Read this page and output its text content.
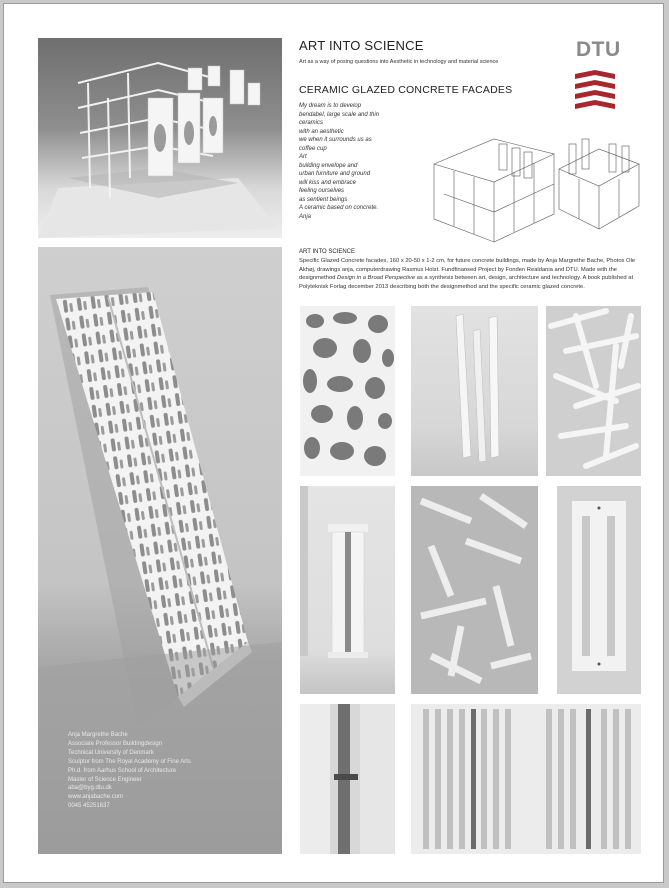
ART INTO SCIENCE
Art as a way of posing questions into Aesthetic in technology and material science
CERAMIC GLAZED CONCRETE FACADES
DTU
My dream is to develop
bendabel, large scale and thin
ceramics
with an aesthetic
we when it surrounds us as
coffee cup
Art
building envelope and
urban furniture and ground
will kiss and embrace
feeling ourselves
as sentient beings
A ceramic based on concrete.
Anja
Anja Margrethe Bache
Associate Professor Buildingdesign
Technical University of Denmark
Sculptor from The Royal Academy of Fine Arts
Ph.d. from Aarhus School of Architecture
Master of Science Engineer
aba@byg.dtu.dk
www.anjabache.com
0045 45251637
ART INTO SCIENCE
Specific Glazed Concrete facades, 160 x 20-50 x 1-2 cm, for future concrete buildings, made by Anja Margrethe Bache, Photos Ole Akhøj, drawings anja, computerdrawing Rasmus Holst. Fundfinansed Project by Fonden Realdania and DTU. Made with the designmethod Design in a Broad Perspective as a synthesis between art, design, architecture and technology. A book published at Polyteknisk Forlag december 2013 describing both the designmethod and the specific ceramic glazed concrete.
